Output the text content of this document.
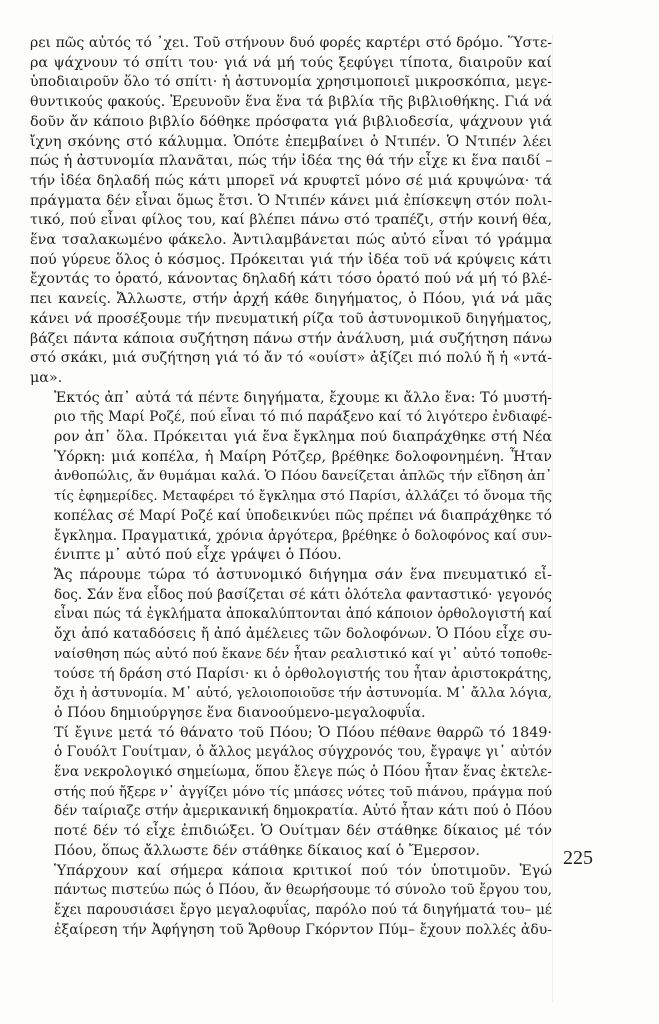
ρει πῶς αὐτός τό ᾿χει. Τοῦ στήνουν δυό φορές καρτέρι στό δρόμο. Ὕστε-
ρα ψάχνουν τό σπίτι του· γιά νά μή τούς ξεφύγει τίποτα, διαιροῦν καί
ὑποδιαιροῦν ὅλο τό σπίτι· ἡ ἀστυνομία χρησιμοποιεῖ μικροσκόπια, μεγε-
θυντικούς φακούς. Ἐρευνοῦν ἕνα ἕνα τά βιβλία τῆς βιβλιοθήκης. Γιά νά
δοῦν ἄν κάποιο βιβλίο δόθηκε πρόσφατα γιά βιβλιοδεσία, ψάχνουν γιά
ἴχνη σκόνης στό κάλυμμα. Ὁπότε ἐπεμβαίνει ὁ Ντιπέν. Ὁ Ντιπέν λέει
πώς ἡ ἀστυνομία πλανᾶται, πώς τήν ἰδέα της θά τήν εἶχε κι ἕνα παιδί –
τήν ἰδέα δηλαδή πώς κάτι μπορεῖ νά κρυφτεῖ μόνο σέ μιά κρυψώνα· τά
πράγματα δέν εἶναι ὅμως ἔτσι. Ὁ Ντιπέν κάνει μιά ἐπίσκεψη στόν πολι-
τικό, πού εἶναι φίλος του, καί βλέπει πάνω στό τραπέζι, στήν κοινή θέα,
ἕνα τσαλακωμένο φάκελο. Ἀντιλαμβάνεται πώς αὐτό εἶναι τό γράμμα
πού γύρευε ὅλος ὁ κόσμος. Πρόκειται γιά τήν ἰδέα τοῦ νά κρύψεις κάτι
ἔχοντάς το ὁρατό, κάνοντας δηλαδή κάτι τόσο ὁρατό πού νά μή τό βλέ-
πει κανείς. Ἄλλωστε, στήν ἀρχή κάθε διηγήματος, ὁ Πόου, γιά νά μᾶς
κάνει νά προσέξουμε τήν πνευματική ρίζα τοῦ ἀστυνομικοῦ διηγήματος,
βάζει πάντα κάποια συζήτηση πάνω στήν ἀνάλυση, μιά συζήτηση πάνω
στό σκάκι, μιά συζήτηση γιά τό ἄν τό «ουίστ» ἀξίζει πιό πολύ ἤ ἡ «ντά-
μα».

Ἐκτός ἀπ᾿ αὐτά τά πέντε διηγήματα, ἔχουμε κι ἄλλο ἕνα: Τό μυστή-
ριο τῆς Μαρί Ροζέ, πού εἶναι τό πιό παράξενο καί τό λιγότερο ἐνδιαφέ-
ρον ἀπ᾿ ὅλα. Πρόκειται γιά ἕνα ἔγκλημα πού διαπράχθηκε στή Νέα
Ὑόρκη: μιά κοπέλα, ἡ Μαίρη Ρότζερ, βρέθηκε δολοφονημένη. Ἦταν
ἀνθοπώλις, ἄν θυμάμαι καλά. Ὁ Πόου δανείζεται ἁπλῶς τήν εἴδηση ἀπ᾿
τίς ἐφημερίδες. Μεταφέρει τό ἔγκλημα στό Παρίσι, ἀλλάζει τό ὄνομα τῆς
κοπέλας σέ Μαρί Ροζέ καί ὑποδεικνύει πῶς πρέπει νά διαπράχθηκε τό
ἔγκλημα. Πραγματικά, χρόνια ἀργότερα, βρέθηκε ὁ δολοφόνος καί συν-
ένιπτε μ᾿ αὐτό πού εἶχε γράψει ὁ Πόου.

Ἄς πάρουμε τώρα τό ἀστυνομικό διήγημα σάν ἕνα πνευματικό εἶ-
δος. Σάν ἕνα εἶδος πού βασίζεται σέ κάτι ὁλότελα φανταστικό· γεγονός
εἶναι πώς τά ἐγκλήματα ἀποκαλύπτονται ἀπό κάποιον ὀρθολογιστή καί
ὄχι ἀπό καταδόσεις ἤ ἀπό ἀμέλειες τῶν δολοφόνων. Ὁ Πόου εἶχε συ-
ναίσθηση πώς αὐτό πού ἔκανε δέν ἦταν ρεαλιστικό καί γι᾿ αὐτό τοποθε-
τούσε τή δράση στό Παρίσι· κι ὁ ὀρθολογιστής του ἦταν ἀριστοκράτης,
ὄχι ἡ ἀστυνομία. Μ᾿ αὐτό, γελοιοποιοῦσε τήν ἀστυνομία. Μ᾿ ἄλλα λόγια,
ὁ Πόου δημιούργησε ἕνα διανοούμενο-μεγαλοφυΐα.

Τί ἔγινε μετά τό θάνατο τοῦ Πόου; Ὁ Πόου πέθανε θαρρῶ τό 1849·
ὁ Γουόλτ Γουίτμαν, ὁ ἄλλος μεγάλος σύγχρονός του, ἔγραψε γι᾿ αὐτόν
ἕνα νεκρολογικό σημείωμα, ὅπου ἔλεγε πώς ὁ Πόου ἦταν ἕνας ἐκτελε-
στής πού ἤξερε ν᾿ ἀγγίζει μόνο τίς μπάσες νότες τοῦ πιάνου, πράγμα πού
δέν ταίριαζε στήν ἀμερικανική δημοκρατία. Αὐτό ἦταν κάτι πού ὁ Πόου
ποτέ δέν τό εἶχε ἐπιδιώξει. Ὁ Ουίτμαν δέν στάθηκε δίκαιος μέ τόν
Πόου, ὅπως ἄλλωστε δέν στάθηκε δίκαιος καί ὁ Ἔμερσον.

Ὑπάρχουν καί σήμερα κάποια κριτικοί πού τόν ὑποτιμοῦν. Ἐγώ
πάντως πιστεύω πώς ὁ Πόου, ἄν θεωρήσουμε τό σύνολο τοῦ ἔργου του,
ἔχει παρουσιάσει ἔργο μεγαλοφυΐας, παρόλο πού τά διηγήματά του– μέ
ἐξαίρεση τήν Ἀφήγηση τοῦ Ἄρθουρ Γκόρντον Πύμ– ἔχουν πολλές ἀδυ-

225
